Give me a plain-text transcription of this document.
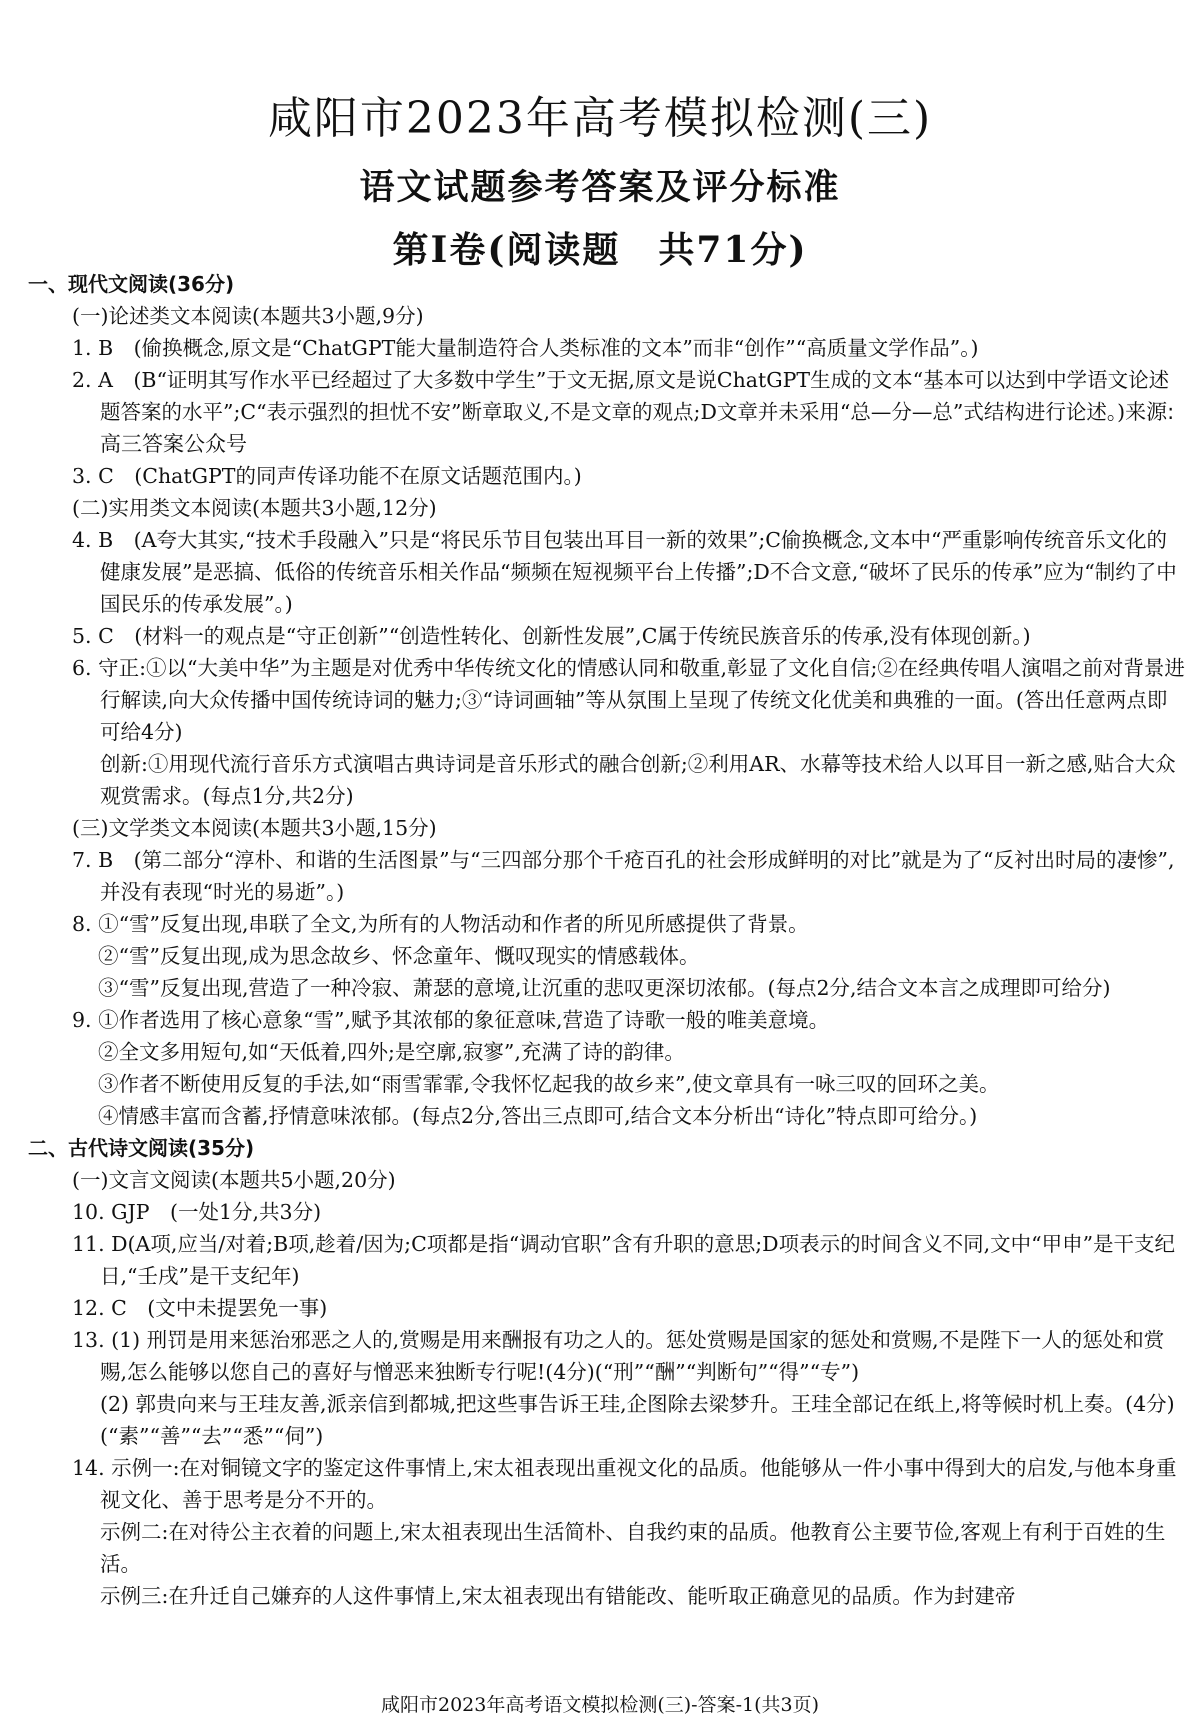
咸阳市2023年高考模拟检测(三)
语文试题参考答案及评分标准
第Ⅰ卷(阅读题　共71分)

一、现代文阅读(36分)

(一)论述类文本阅读(本题共3小题,9分)

1. B　(偷换概念,原文是“ChatGPT能大量制造符合人类标准的文本”而非“创作”“高质量文学作品”。)

2. A　(B“证明其写作水平已经超过了大多数中学生”于文无据,原文是说ChatGPT生成的文本“基本可以达到中学语文论述题答案的水平”;C“表示强烈的担忧不安”断章取义,不是文章的观点;D文章并未采用“总—分—总”式结构进行论述。)来源:高三答案公众号

3. C　(ChatGPT的同声传译功能不在原文话题范围内。)

(二)实用类文本阅读(本题共3小题,12分)

4. B　(A夸大其实,“技术手段融入”只是“将民乐节目包装出耳目一新的效果”;C偷换概念,文本中“严重影响传统音乐文化的健康发展”是恶搞、低俗的传统音乐相关作品“频频在短视频平台上传播”;D不合文意,“破坏了民乐的传承”应为“制约了中国民乐的传承发展”。)

5. C　(材料一的观点是“守正创新”“创造性转化、创新性发展”,C属于传统民族音乐的传承,没有体现创新。)

6. 守正:①以“大美中华”为主题是对优秀中华传统文化的情感认同和敬重,彰显了文化自信;②在经典传唱人演唱之前对背景进行解读,向大众传播中国传统诗词的魅力;③“诗词画轴”等从氛围上呈现了传统文化优美和典雅的一面。(答出任意两点即可给4分)

创新:①用现代流行音乐方式演唱古典诗词是音乐形式的融合创新;②利用AR、水幕等技术给人以耳目一新之感,贴合大众观赏需求。(每点1分,共2分)

(三)文学类文本阅读(本题共3小题,15分)

7. B　(第二部分“淳朴、和谐的生活图景”与“三四部分那个千疮百孔的社会形成鲜明的对比”就是为了“反衬出时局的凄惨”,并没有表现“时光的易逝”。)

8. ①“雪”反复出现,串联了全文,为所有的人物活动和作者的所见所感提供了背景。

②“雪”反复出现,成为思念故乡、怀念童年、慨叹现实的情感载体。

③“雪”反复出现,营造了一种冷寂、萧瑟的意境,让沉重的悲叹更深切浓郁。(每点2分,结合文本言之成理即可给分)

9. ①作者选用了核心意象“雪”,赋予其浓郁的象征意味,营造了诗歌一般的唯美意境。

②全文多用短句,如“天低着,四外;是空廓,寂寥”,充满了诗的韵律。

③作者不断使用反复的手法,如“雨雪霏霏,令我怀忆起我的故乡来”,使文章具有一咏三叹的回环之美。

④情感丰富而含蓄,抒情意味浓郁。(每点2分,答出三点即可,结合文本分析出“诗化”特点即可给分。)

二、古代诗文阅读(35分)

(一)文言文阅读(本题共5小题,20分)

10. GJP　(一处1分,共3分)

11. D(A项,应当/对着;B项,趁着/因为;C项都是指“调动官职”含有升职的意思;D项表示的时间含义不同,文中“甲申”是干支纪日,“壬戌”是干支纪年)

12. C　(文中未提罢免一事)

13. (1) 刑罚是用来惩治邪恶之人的,赏赐是用来酬报有功之人的。惩处赏赐是国家的惩处和赏赐,不是陛下一人的惩处和赏赐,怎么能够以您自己的喜好与憎恶来独断专行呢!(4分)(“刑”“酬”“判断句”“得”“专”)

(2) 郭贵向来与王珪友善,派亲信到都城,把这些事告诉王珪,企图除去梁梦升。王珪全部记在纸上,将等候时机上奏。(4分)(“素”“善”“去”“悉”“伺”)

14. 示例一:在对铜镜文字的鉴定这件事情上,宋太祖表现出重视文化的品质。他能够从一件小事中得到大的启发,与他本身重视文化、善于思考是分不开的。

示例二:在对待公主衣着的问题上,宋太祖表现出生活简朴、自我约束的品质。他教育公主要节俭,客观上有利于百姓的生活。

示例三:在升迁自己嫌弃的人这件事情上,宋太祖表现出有错能改、能听取正确意见的品质。作为封建帝

咸阳市2023年高考语文模拟检测(三)-答案-1(共3页)
